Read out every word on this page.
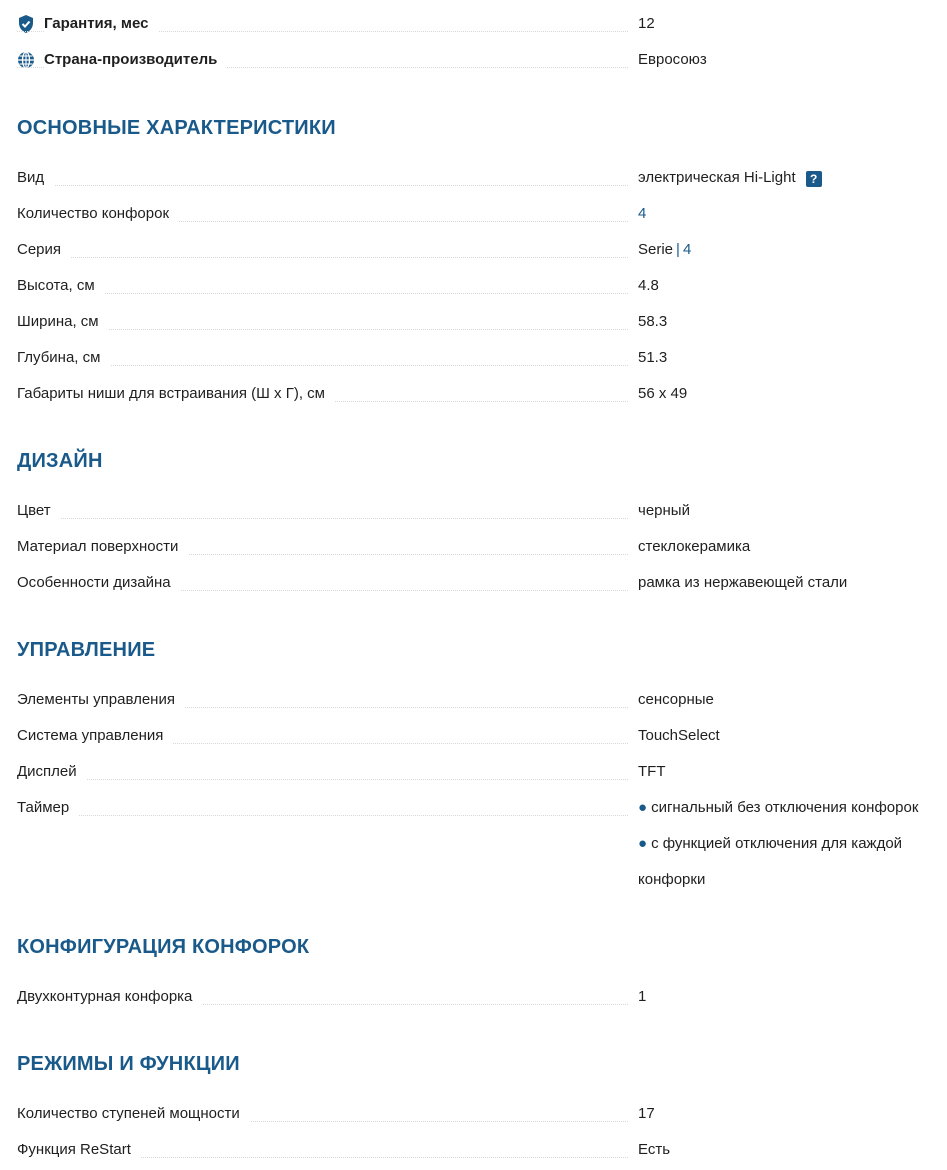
Гарантия, мес	12
Страна-производитель	Евросоюз
ОСНОВНЫЕ ХАРАКТЕРИСТИКИ
Вид	электрическая Hi-Light ?
Количество конфорок	4
Серия	Serie | 4
Высота, см	4.8
Ширина, см	58.3
Глубина, см	51.3
Габариты ниши для встраивания (Ш x Г), см	56 x 49
ДИЗАЙН
Цвет	черный
Материал поверхности	стеклокерамика
Особенности дизайна	рамка из нержавеющей стали
УПРАВЛЕНИЕ
Элементы управления	сенсорные
Система управления	TouchSelect
Дисплей	TFT
Таймер	● сигнальный без отключения конфорок
● с функцией отключения для каждой
конфорки
КОНФИГУРАЦИЯ КОНФОРОК
Двухконтурная конфорка	1
РЕЖИМЫ И ФУНКЦИИ
Количество ступеней мощности	17
Функция ReStart	Есть
